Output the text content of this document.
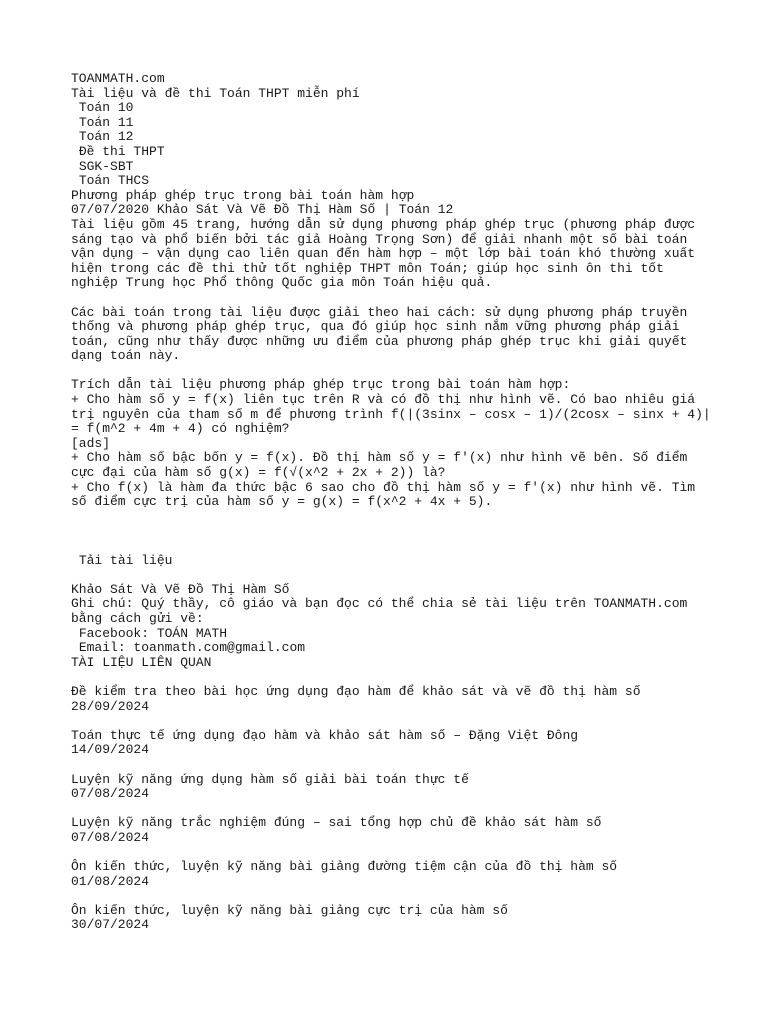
TOANMATH.com
Tài liệu và đề thi Toán THPT miễn phí
Toán 10
Toán 11
Toán 12
Đề thi THPT
SGK-SBT
Toán THCS
Phương pháp ghép trục trong bài toán hàm hợp
07/07/2020 Khảo Sát Và Vẽ Đồ Thị Hàm Số | Toán 12
Tài liệu gồm 45 trang, hướng dẫn sử dụng phương pháp ghép trục (phương pháp được sáng tạo và phổ biến bởi tác giả Hoàng Trọng Sơn) để giải nhanh một số bài toán vận dụng – vận dụng cao liên quan đến hàm hợp – một lớp bài toán khó thường xuất hiện trong các đề thi thử tốt nghiệp THPT môn Toán; giúp học sinh ôn thi tốt nghiệp Trung học Phổ thông Quốc gia môn Toán hiệu quả.
Các bài toán trong tài liệu được giải theo hai cách: sử dụng phương pháp truyền thống và phương pháp ghép trục, qua đó giúp học sinh nắm vững phương pháp giải toán, cũng như thấy được những ưu điểm của phương pháp ghép trục khi giải quyết dạng toán này.
Trích dẫn tài liệu phương pháp ghép trục trong bài toán hàm hợp:
+ Cho hàm số y = f(x) liên tục trên R và có đồ thị như hình vẽ. Có bao nhiêu giá trị nguyên của tham số m để phương trình f(|(3sinx – cosx – 1)/(2cosx – sinx + 4)| = f(m^2 + 4m + 4) có nghiệm?
[ads]
+ Cho hàm số bậc bốn y = f(x). Đồ thị hàm số y = f'(x) như hình vẽ bên. Số điểm cực đại của hàm số g(x) = f(√(x^2 + 2x + 2)) là?
+ Cho f(x) là hàm đa thức bậc 6 sao cho đồ thị hàm số y = f'(x) như hình vẽ. Tìm số điểm cực trị của hàm số y = g(x) = f(x^2 + 4x + 5).
Tải tài liệu
Khảo Sát Và Vẽ Đồ Thị Hàm Số
Ghi chú: Quý thầy, cô giáo và bạn đọc có thể chia sẻ tài liệu trên TOANMATH.com bằng cách gửi về:
Facebook: TOÁN MATH
Email: toanmath.com@gmail.com
TÀI LIỆU LIÊN QUAN
Đề kiểm tra theo bài học ứng dụng đạo hàm để khảo sát và vẽ đồ thị hàm số
28/09/2024
Toán thực tế ứng dụng đạo hàm và khảo sát hàm số – Đặng Việt Đông
14/09/2024
Luyện kỹ năng ứng dụng hàm số giải bài toán thực tế
07/08/2024
Luyện kỹ năng trắc nghiệm đúng – sai tổng hợp chủ đề khảo sát hàm số
07/08/2024
Ôn kiến thức, luyện kỹ năng bài giảng đường tiệm cận của đồ thị hàm số
01/08/2024
Ôn kiến thức, luyện kỹ năng bài giảng cực trị của hàm số
30/07/2024
